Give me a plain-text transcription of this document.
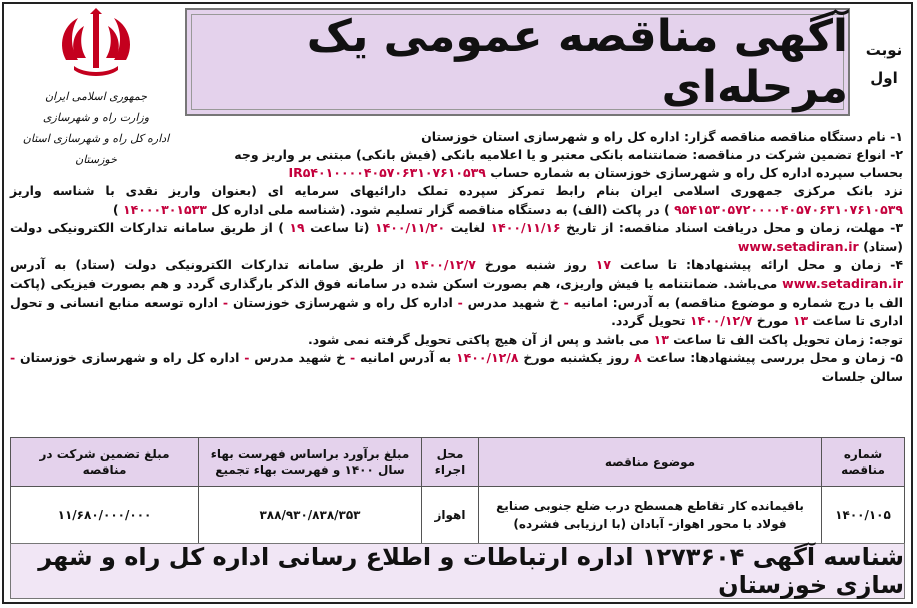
جمهوری اسلامی ایران
وزارت راه و شهرسازی
اداره کل راه و شهرسازی استان خوزستان
آگهی مناقصه عمومی یک مرحله‌ای
نوبت
اول

۱- نام دستگاه مناقصه مناقصه گزار: اداره کل راه و شهرسازی استان خوزستان

۲- انواع تضمین شرکت در مناقصه: ضمانتنامه بانکی معتبر و یا اعلامیه بانکی (فیش بانکی) مبتنی بر واریز وجه

بحساب سپرده اداره کل راه و شهرسازی خوزستان به شماره حساب IR۵۴۰۱۰۰۰۰۴۰۵۷۰۶۳۱۰۷۶۱۰۵۳۹

نزد بانک مرکزی جمهوری اسلامی ایران بنام رابط تمرکز سپرده تملک دارائیهای سرمایه ای (بعنوان واریز نقدی با شناسه واریز ۹۵۴۱۵۳۰۵۷۲۰۰۰۰۴۰۵۷۰۶۳۱۰۷۶۱۰۵۳۹ ) در پاکت (الف) به دستگاه مناقصه گزار تسلیم شود. (شناسه ملی اداره کل ۱۴۰۰۰۳۰۱۵۳۳ )

۳- مهلت، زمان و محل دریافت اسناد مناقصه: از تاریخ ۱۴۰۰/۱۱/۱۶ لغایت ۱۴۰۰/۱۱/۲۰ (تا ساعت ۱۹ ) از طریق سامانه تدارکات الکترونیکی دولت (ستاد) www.setadiran.ir

۴- زمان و محل ارائه پیشنهادها: تا ساعت ۱۷ روز شنبه مورخ ۱۴۰۰/۱۲/۷ از طریق سامانه تدارکات الکترونیکی دولت (ستاد) به آدرس www.setadiran.ir می‌باشد. ضمانتنامه یا فیش واریزی، هم بصورت اسکن شده در سامانه فوق الذکر بارگذاری گردد و هم بصورت فیزیکی (پاکت الف با درج شماره و موضوع مناقصه) به آدرس: امانیه - خ شهید مدرس - اداره کل راه و شهرسازی خوزستان - اداره توسعه منابع انسانی و تحول اداری تا ساعت ۱۳ مورخ ۱۴۰۰/۱۲/۷ تحویل گردد.

توجه: زمان تحویل پاکت الف تا ساعت ۱۳ می باشد و پس از آن هیچ پاکتی تحویل گرفته نمی شود.

۵- زمان و محل بررسی پیشنهادها: ساعت ۸ روز یکشنبه مورخ ۱۴۰۰/۱۲/۸ به آدرس امانیه - خ شهید مدرس - اداره کل راه و شهرسازی خوزستان - سالن جلسات

شماره مناقصه	موضوع مناقصه	محل اجراء	مبلغ برآورد براساس فهرست بهاء سال ۱۴۰۰ و فهرست بهاء تجمیع	مبلغ تضمین شرکت در مناقصه
۱۴۰۰/۱۰۵	باقیمانده کار تقاطع همسطح درب ضلع جنوبی صنایع فولاد با محور اهواز- آبادان (با ارزیابی فشرده)	اهواز	۳۸۸/۹۳۰/۸۳۸/۳۵۳	۱۱/۶۸۰/۰۰۰/۰۰۰
شناسه آگهی ۱۲۷۳۶۰۴ اداره ارتباطات و اطلاع رسانی اداره کل راه و شهر سازی خوزستان
